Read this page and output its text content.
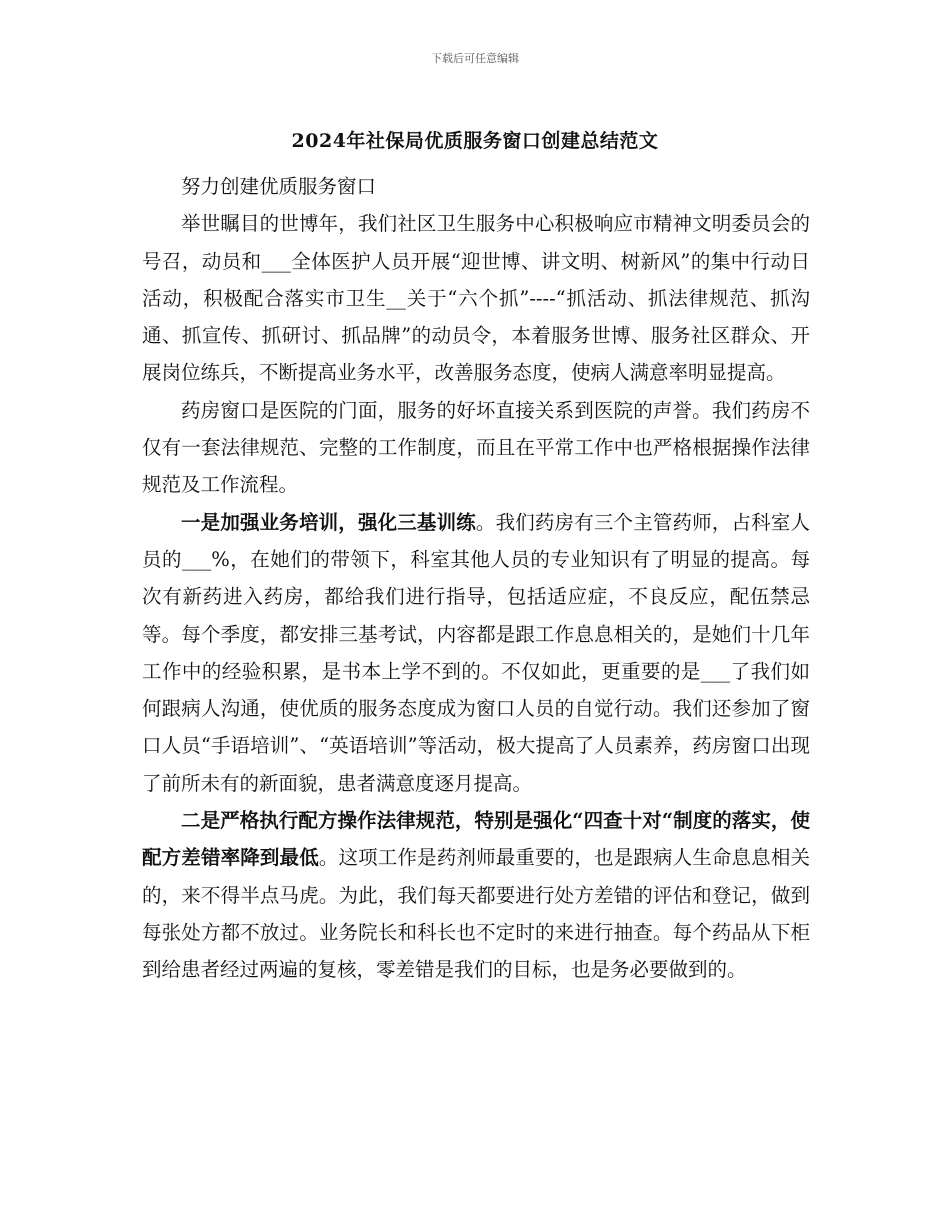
下载后可任意编辑
2024年社保局优质服务窗口创建总结范文

努力创建优质服务窗口

举世瞩目的世博年，我们社区卫生服务中心积极响应市精神文明委员会的号召，动员和___全体医护人员开展“迎世博、讲文明、树新风”的集中行动日活动，积极配合落实市卫生__关于“六个抓”----“抓活动、抓法律规范、抓沟通、抓宣传、抓研讨、抓品牌”的动员令，本着服务世博、服务社区群众、开展岗位练兵，不断提高业务水平，改善服务态度，使病人满意率明显提高。

药房窗口是医院的门面，服务的好坏直接关系到医院的声誉。我们药房不仅有一套法律规范、完整的工作制度，而且在平常工作中也严格根据操作法律规范及工作流程。

一是加强业务培训，强化三基训练。我们药房有三个主管药师，占科室人员的___%，在她们的带领下，科室其他人员的专业知识有了明显的提高。每次有新药进入药房，都给我们进行指导，包括适应症，不良反应，配伍禁忌等。每个季度，都安排三基考试，内容都是跟工作息息相关的，是她们十几年工作中的经验积累，是书本上学不到的。不仅如此，更重要的是___了我们如何跟病人沟通，使优质的服务态度成为窗口人员的自觉行动。我们还参加了窗口人员“手语培训”、“英语培训”等活动，极大提高了人员素养，药房窗口出现了前所未有的新面貌，患者满意度逐月提高。

二是严格执行配方操作法律规范，特别是强化“四查十对“制度的落实，使配方差错率降到最低。这项工作是药剂师最重要的，也是跟病人生命息息相关的，来不得半点马虎。为此，我们每天都要进行处方差错的评估和登记，做到每张处方都不放过。业务院长和科长也不定时的来进行抽查。每个药品从下柜到给患者经过两遍的复核，零差错是我们的目标，也是务必要做到的。
